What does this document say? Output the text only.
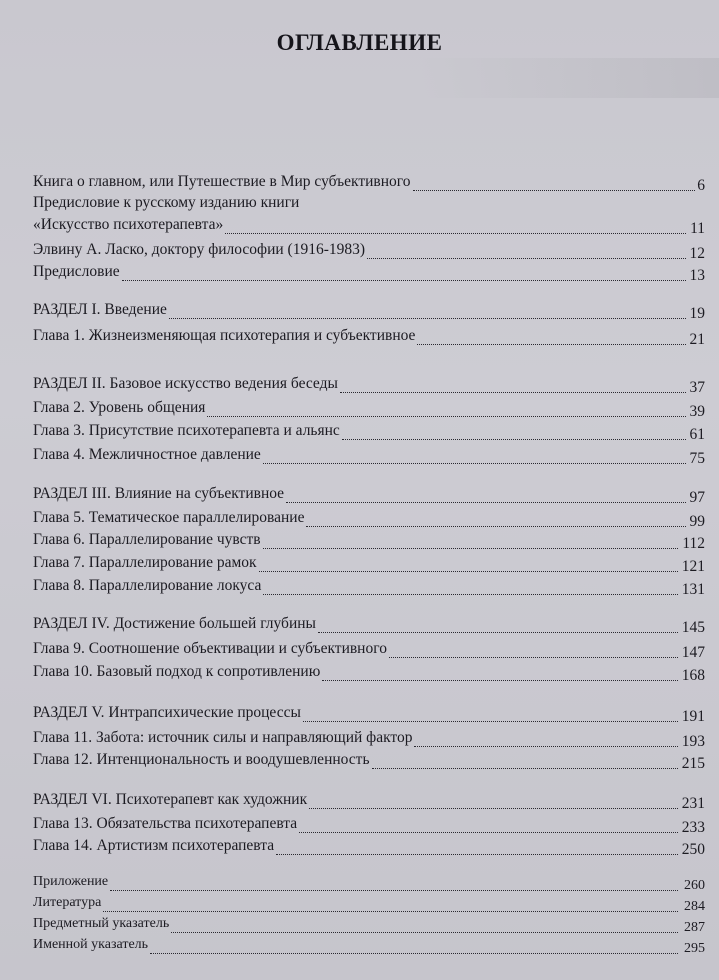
ОГЛАВЛЕНИЕ
Книга о главном, или Путешествие в Мир субъективного	6
Предисловие к русскому изданию книги
«Искусство психотерапевта»	11
Элвину А. Ласко, доктору философии (1916-1983)	12
Предисловие	13
РАЗДЕЛ I. Введение	19
Глава 1. Жизнеизменяющая психотерапия и субъективное	21
РАЗДЕЛ II. Базовое искусство ведения беседы	37
Глава 2. Уровень общения	39
Глава 3. Присутствие психотерапевта и альянс	61
Глава 4. Межличностное давление	75
РАЗДЕЛ III. Влияние на субъективное	97
Глава 5. Тематическое параллелирование	99
Глава 6. Параллелирование чувств	112
Глава 7. Параллелирование рамок	121
Глава 8. Параллелирование локуса	131
РАЗДЕЛ IV. Достижение большей глубины	145
Глава 9. Соотношение объективации и субъективного	147
Глава 10. Базовый подход к сопротивлению	168
РАЗДЕЛ V. Интрапсихические процессы	191
Глава 11. Забота: источник силы и направляющий фактор	193
Глава 12. Интенциональность и воодушевленность	215
РАЗДЕЛ VI. Психотерапевт как художник	231
Глава 13. Обязательства психотерапевта	233
Глава 14. Артистизм психотерапевта	250
Приложение	260
Литература	284
Предметный указатель	287
Именной указатель	295
